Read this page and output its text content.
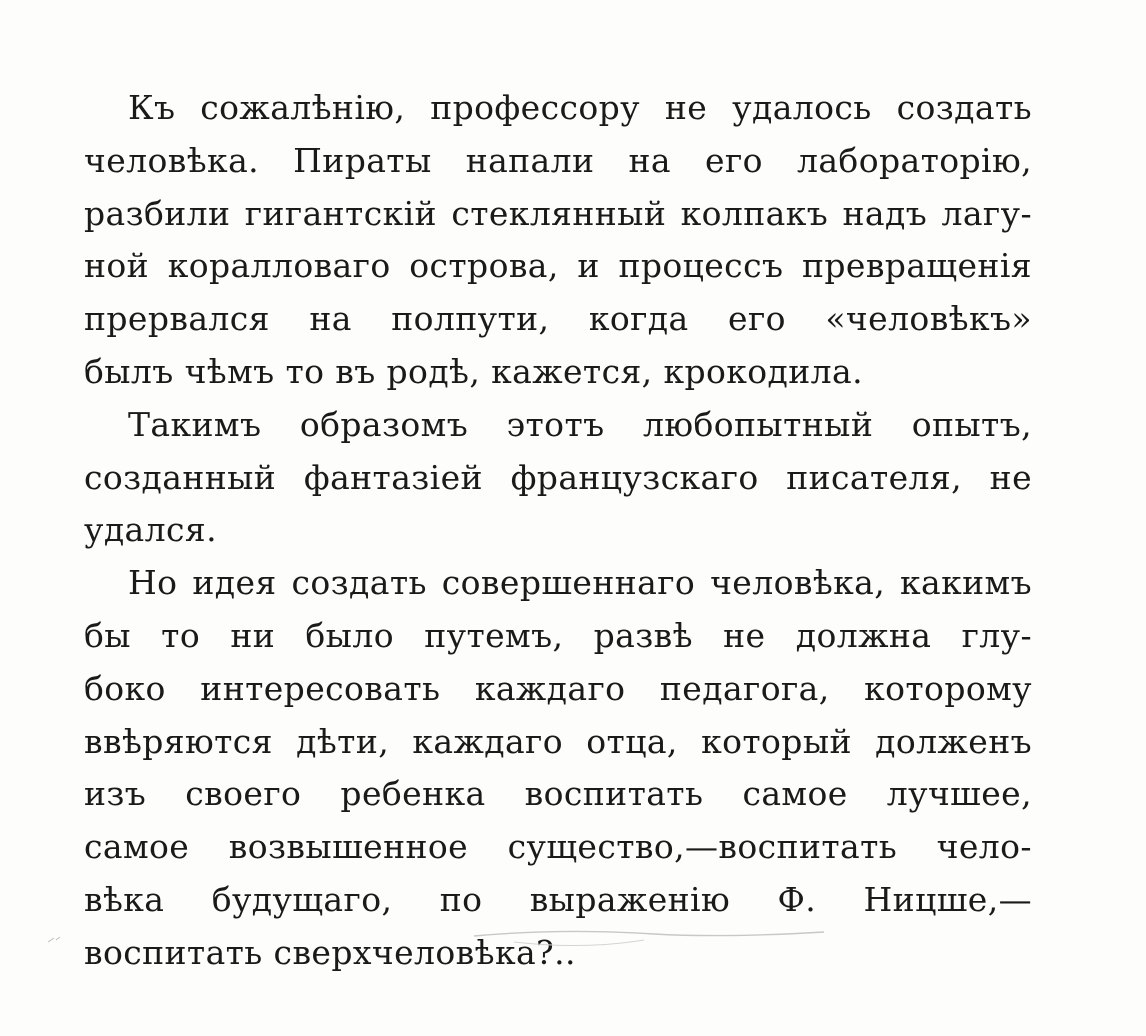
Къ сожалѣнію, профессору не удалось создать
человѣка. Пираты напали на его лабораторію,
разбили гигантскій стеклянный колпакъ надъ лагу-
ной коралловаго острова, и процессъ превращенія
прервался на полпути, когда его «человѣкъ»
былъ чѣмъ то въ родѣ, кажется, крокодила.
Такимъ образомъ этотъ любопытный опытъ,
созданный фантазіей французскаго писателя, не
удался.
Но идея создать совершеннаго человѣка, какимъ
бы то ни было путемъ, развѣ не должна глу-
боко интересовать каждаго педагога, которому
ввѣряются дѣти, каждаго отца, который долженъ
изъ своего ребенка воспитать самое лучшее,
самое возвышенное существо,—воспитать чело-
вѣка будущаго, по выраженію Ф. Ницше,—
воспитать сверхчеловѣка?..
